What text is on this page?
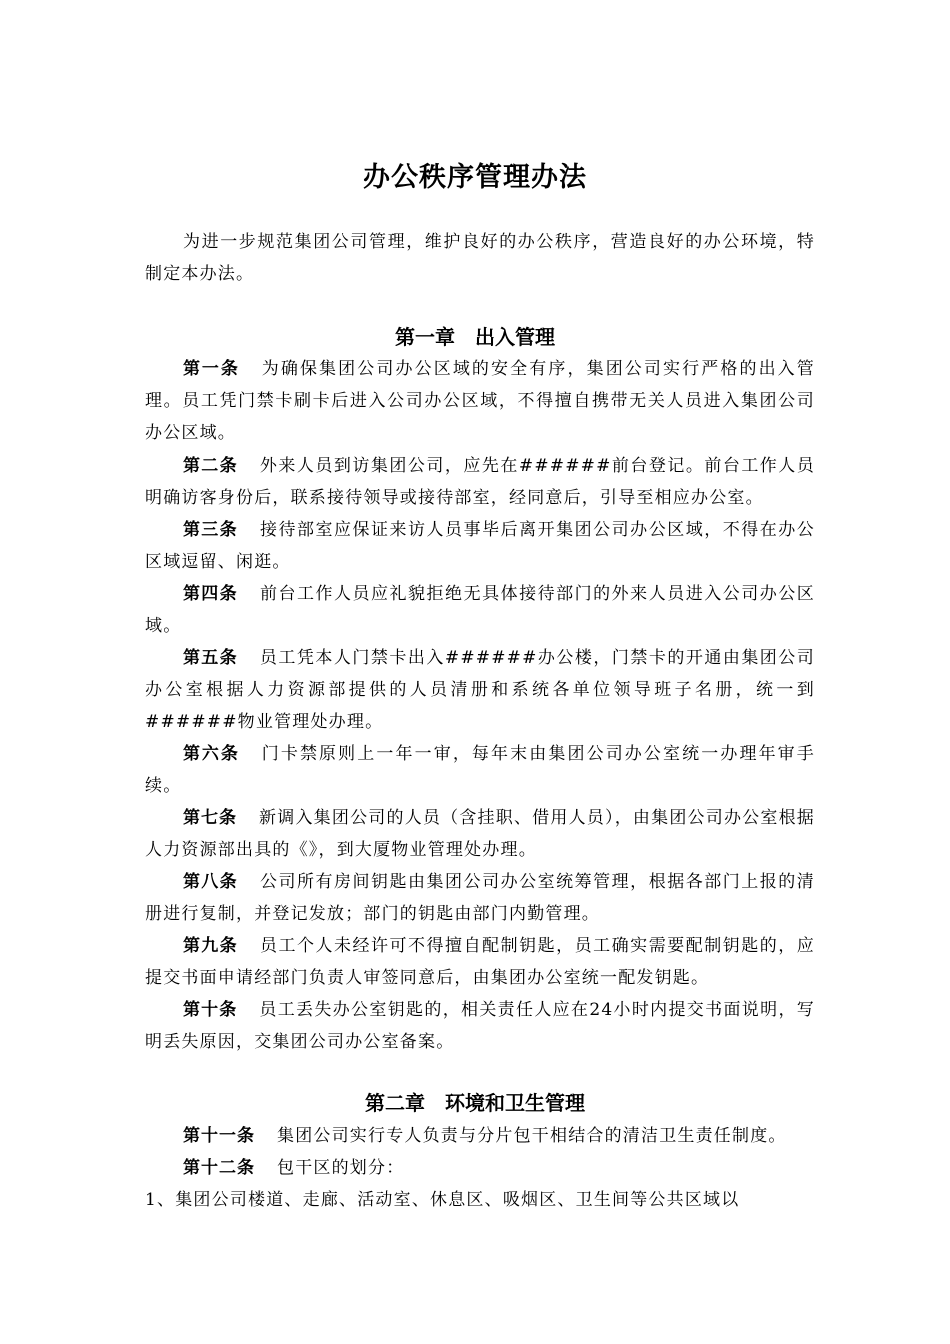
办公秩序管理办法

为进一步规范集团公司管理，维护良好的办公秩序，营造良好的办公环境，特制定本办法。

第一章　出入管理

第一条 为确保集团公司办公区域的安全有序，集团公司实行严格的出入管理。员工凭门禁卡刷卡后进入公司办公区域，不得擅自携带无关人员进入集团公司办公区域。

第二条 外来人员到访集团公司，应先在######前台登记。前台工作人员明确访客身份后，联系接待领导或接待部室，经同意后，引导至相应办公室。

第三条 接待部室应保证来访人员事毕后离开集团公司办公区域，不得在办公区域逗留、闲逛。

第四条 前台工作人员应礼貌拒绝无具体接待部门的外来人员进入公司办公区域。

第五条 员工凭本人门禁卡出入######办公楼，门禁卡的开通由集团公司办公室根据人力资源部提供的人员清册和系统各单位领导班子名册，统一到######物业管理处办理。

第六条 门卡禁原则上一年一审，每年末由集团公司办公室统一办理年审手续。

第七条 新调入集团公司的人员（含挂职、借用人员），由集团公司办公室根据人力资源部出具的《》，到大厦物业管理处办理。

第八条 公司所有房间钥匙由集团公司办公室统筹管理，根据各部门上报的清册进行复制，并登记发放；部门的钥匙由部门内勤管理。

第九条 员工个人未经许可不得擅自配制钥匙，员工确实需要配制钥匙的，应提交书面申请经部门负责人审签同意后，由集团办公室统一配发钥匙。

第十条 员工丢失办公室钥匙的，相关责任人应在24小时内提交书面说明，写明丢失原因，交集团公司办公室备案。

第二章　环境和卫生管理

第十一条 集团公司实行专人负责与分片包干相结合的清洁卫生责任制度。

第十二条 包干区的划分：

1、集团公司楼道、走廊、活动室、休息区、吸烟区、卫生间等公共区域以
